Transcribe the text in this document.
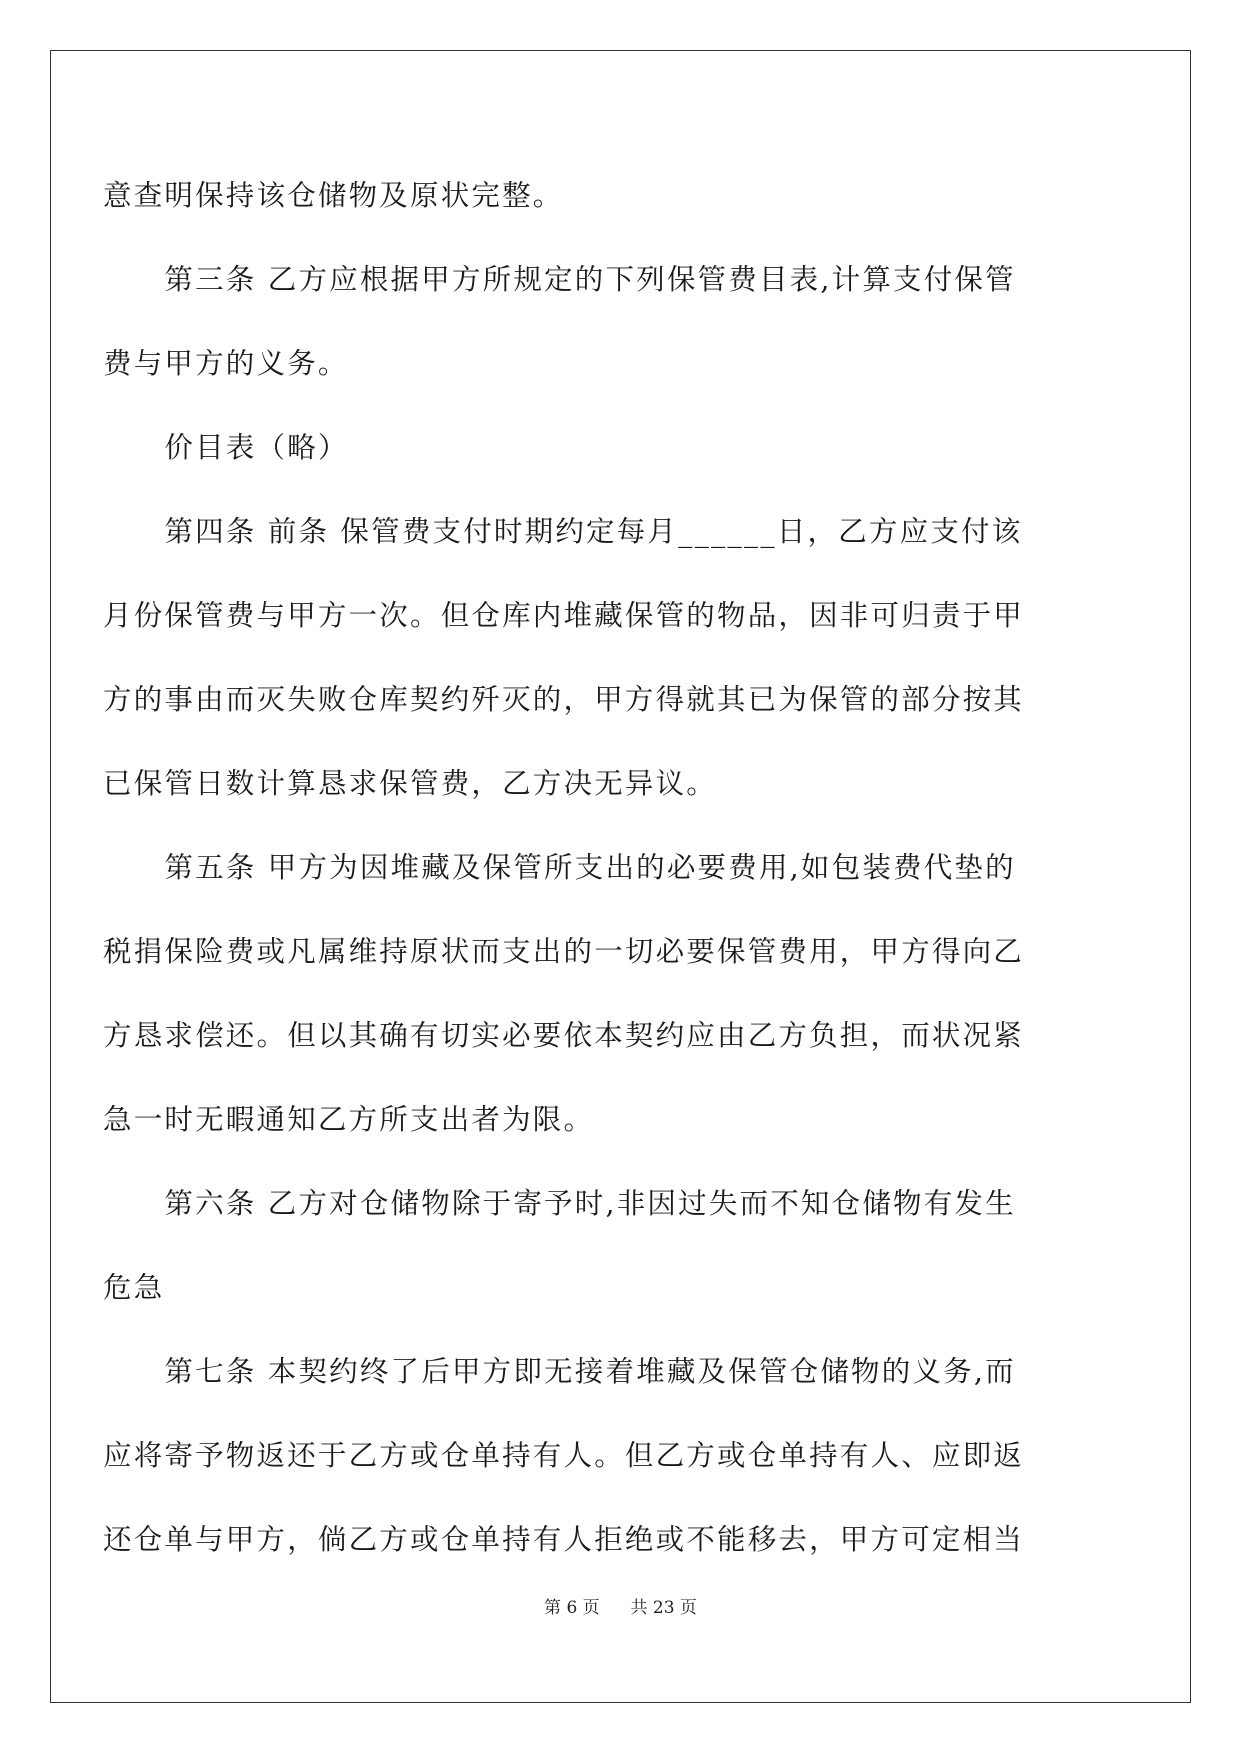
意查明保持该仓储物及原状完整。
　　第三条 乙方应根据甲方所规定的下列保管费目表,计算支付保管
费与甲方的义务。
　　价目表（略）
　　第四条 前条 保管费支付时期约定每月______日，乙方应支付该
月份保管费与甲方一次。但仓库内堆藏保管的物品，因非可归责于甲
方的事由而灭失败仓库契约歼灭的，甲方得就其已为保管的部分按其
已保管日数计算恳求保管费，乙方决无异议。
　　第五条 甲方为因堆藏及保管所支出的必要费用,如包装费代垫的
税捐保险费或凡属维持原状而支出的一切必要保管费用，甲方得向乙
方恳求偿还。但以其确有切实必要依本契约应由乙方负担，而状况紧
急一时无暇通知乙方所支出者为限。
　　第六条 乙方对仓储物除于寄予时,非因过失而不知仓储物有发生
危急
　　第七条 本契约终了后甲方即无接着堆藏及保管仓储物的义务,而
应将寄予物返还于乙方或仓单持有人。但乙方或仓单持有人、应即返
还仓单与甲方，倘乙方或仓单持有人拒绝或不能移去，甲方可定相当
第 6 页 共 23 页
